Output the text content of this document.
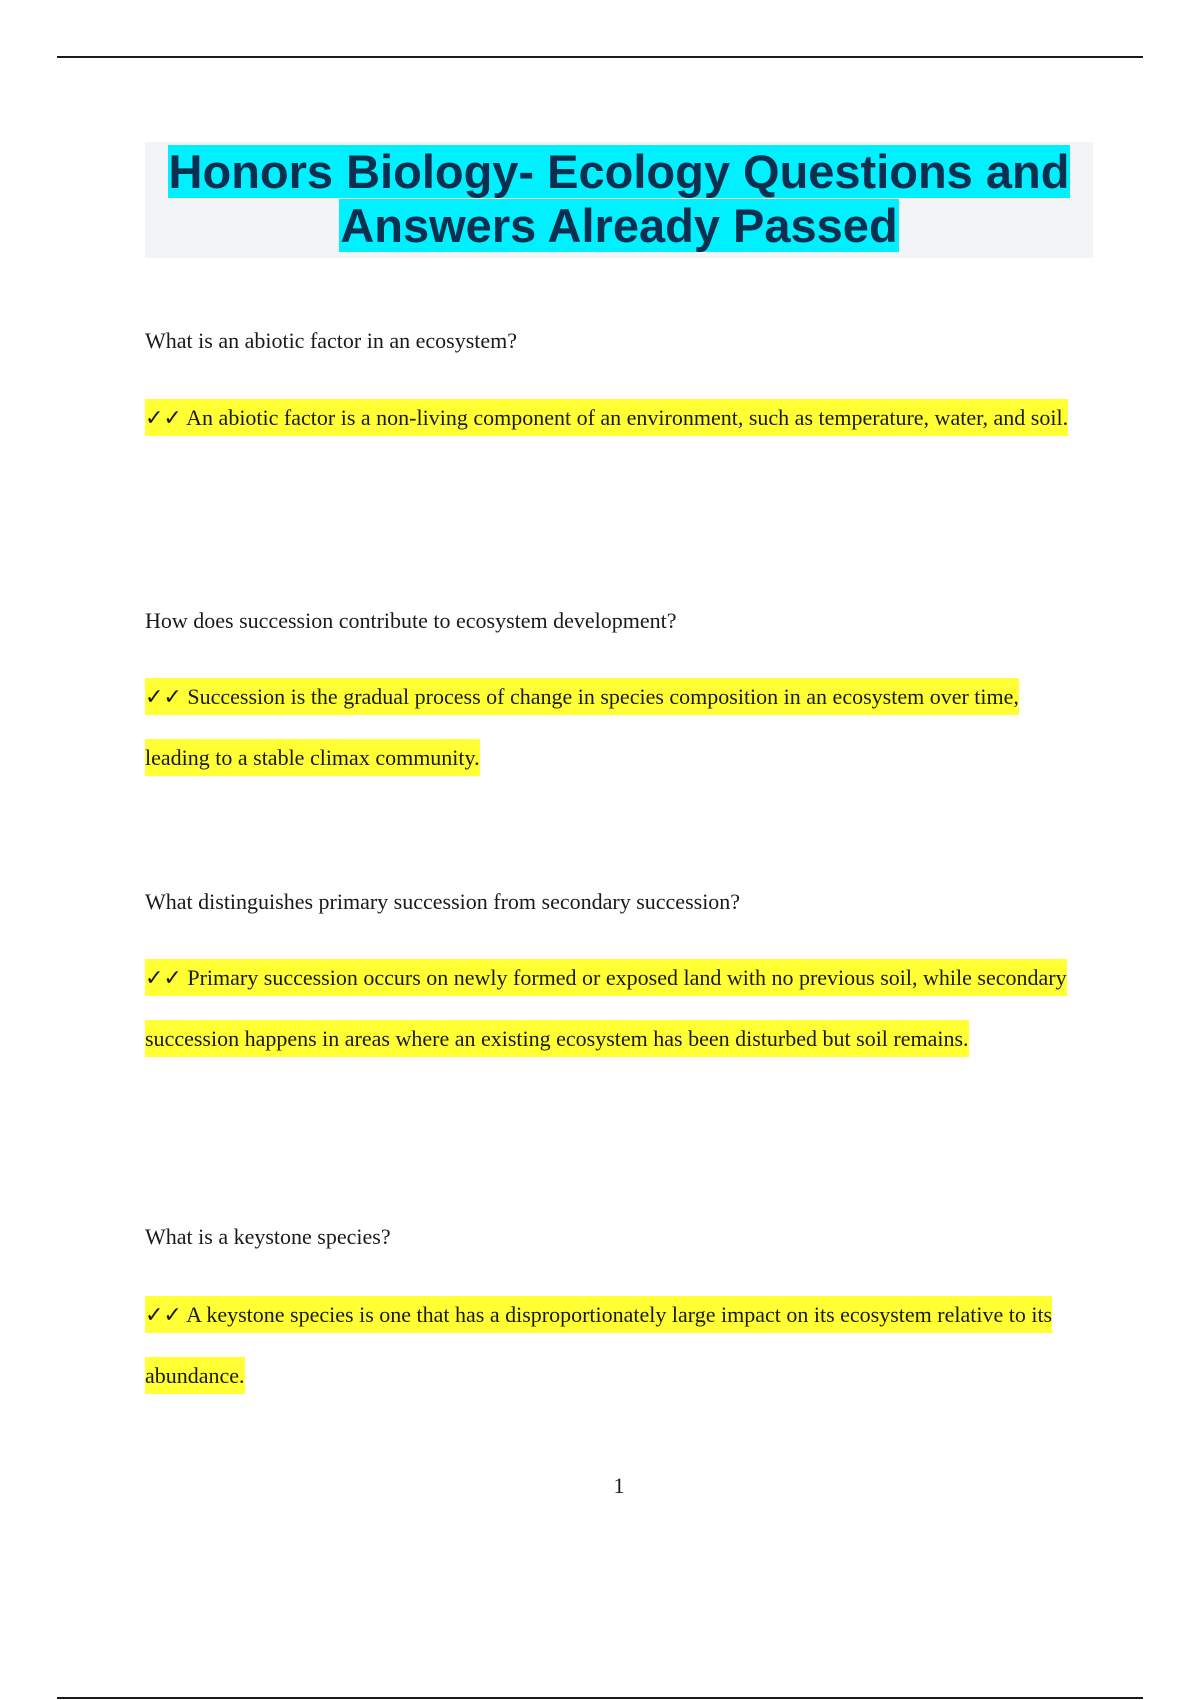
Honors Biology- Ecology Questions and Answers Already Passed

What is an abiotic factor in an ecosystem?

✓✓ An abiotic factor is a non-living component of an environment, such as temperature, water, and soil.

How does succession contribute to ecosystem development?

✓✓ Succession is the gradual process of change in species composition in an ecosystem over time, leading to a stable climax community.

What distinguishes primary succession from secondary succession?

✓✓ Primary succession occurs on newly formed or exposed land with no previous soil, while secondary succession happens in areas where an existing ecosystem has been disturbed but soil remains.

What is a keystone species?

✓✓ A keystone species is one that has a disproportionately large impact on its ecosystem relative to its abundance.

1
